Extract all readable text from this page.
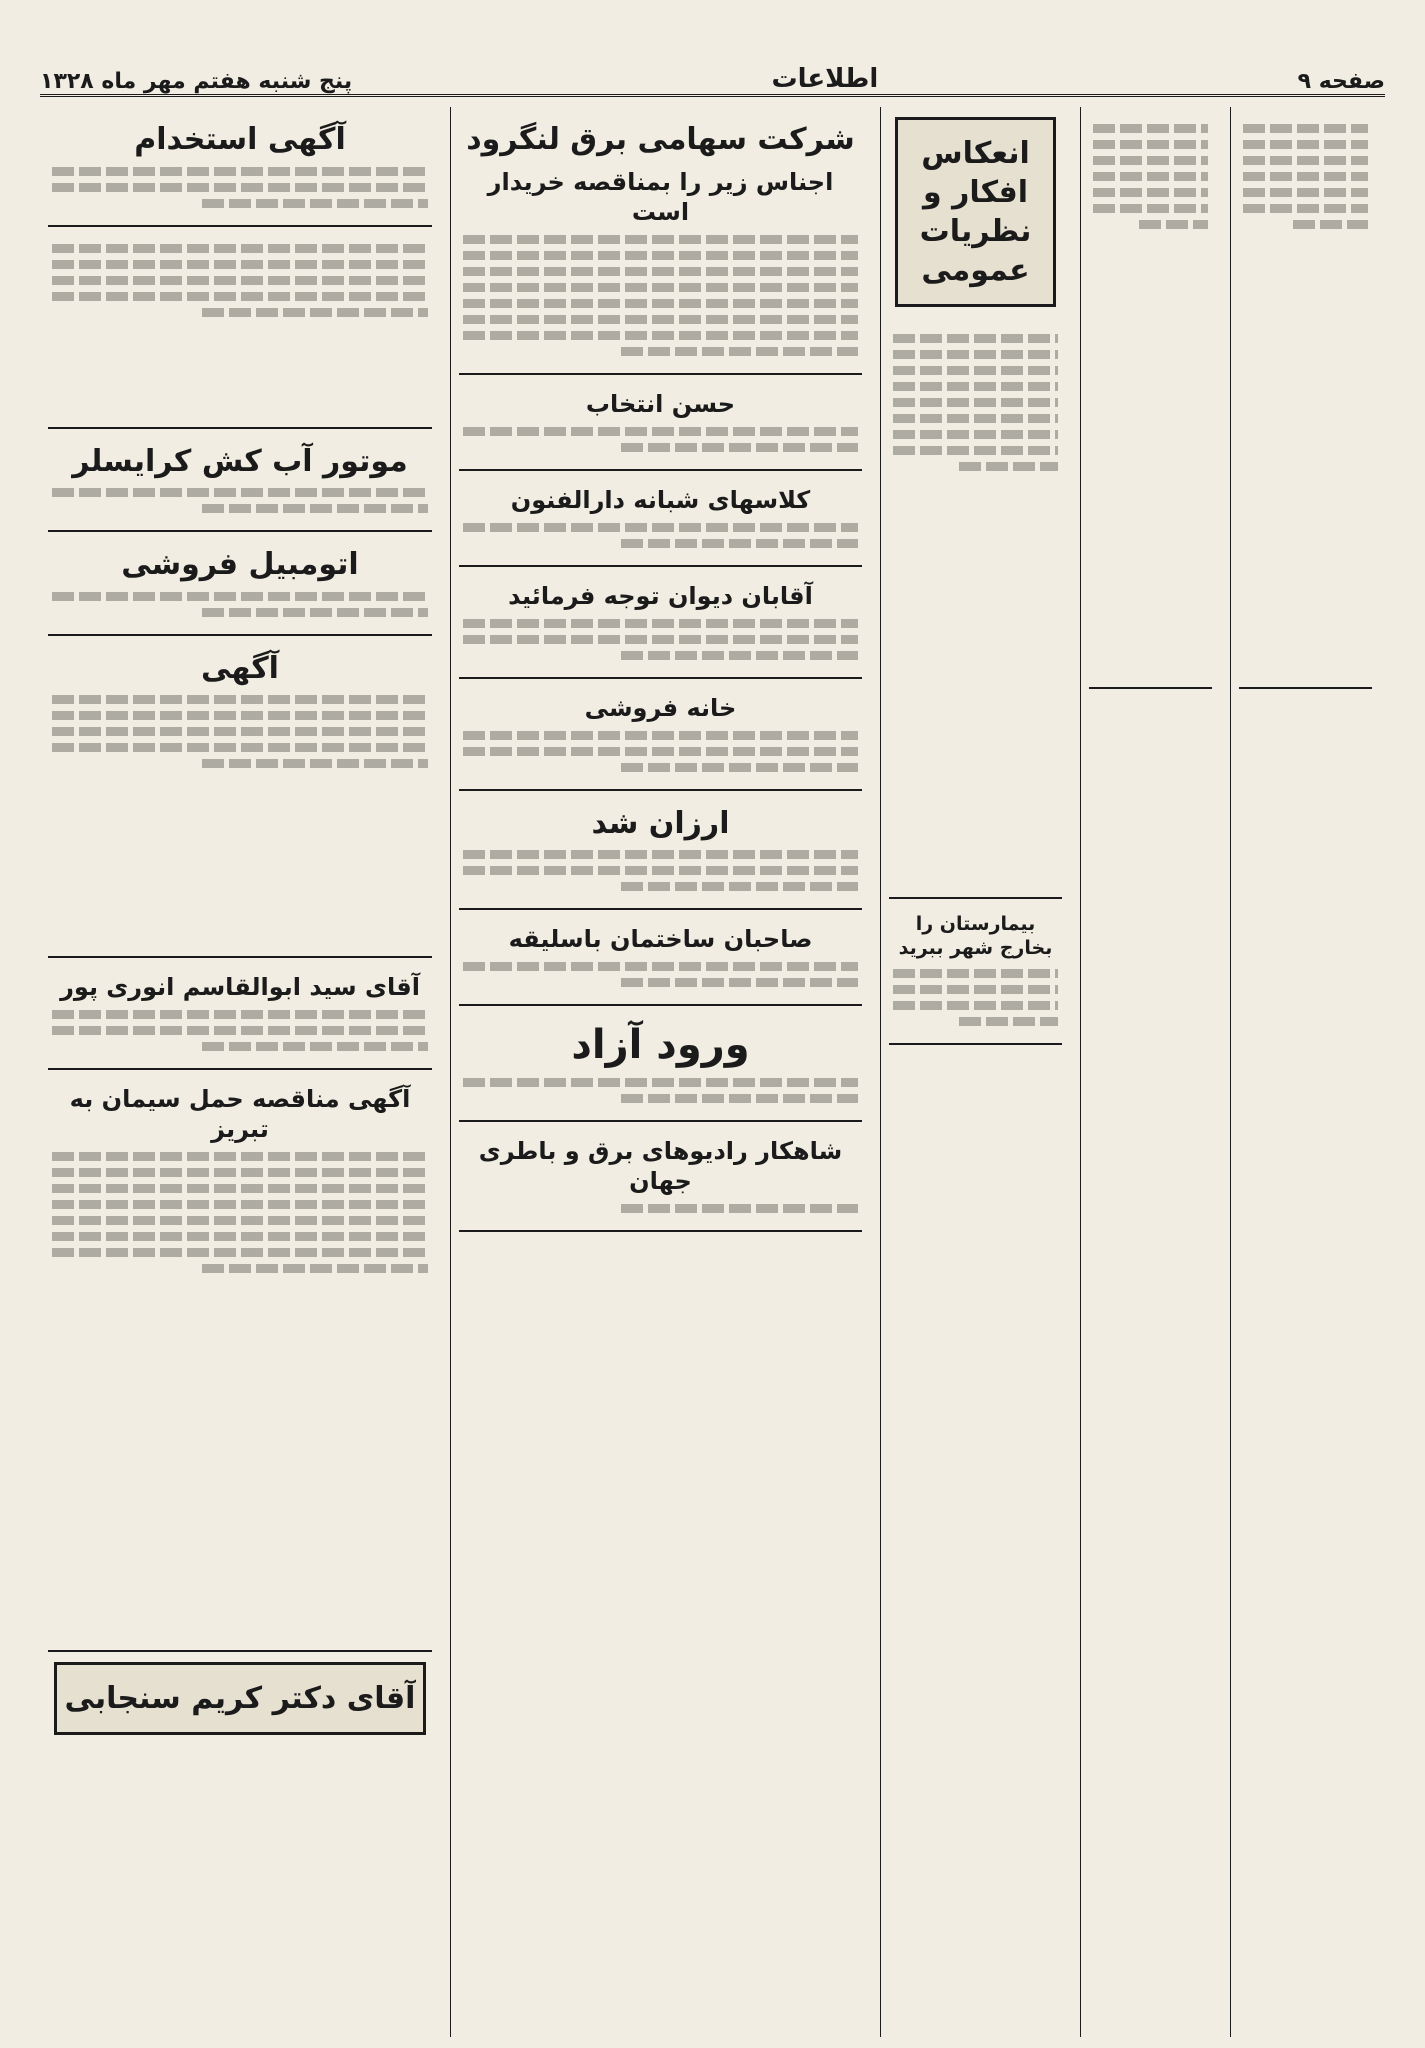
صفحه ۹
اطلاعات
پنج شنبه هفتم مهر ماه ۱۳۲۸
آگهی استخدام
موتور آب کش کرایسلر
اتومبیل فروشی
آگهی
آقای سید ابوالقاسم انوری پور
آگهی مناقصه حمل سیمان به تبریز
آقای دکتر کریم سنجابی
شرکت سهامی برق لنگرود
اجناس زیر را بمناقصه خریدار است
حسن انتخاب
کلاسهای شبانه دارالفنون
آقابان دیوان توجه فرمائید
خانه فروشی
ارزان شد
صاحبان ساختمان باسلیقه
ورود آزاد
شاهکار رادیوهای برق و باطری جهان
انعکاس افکار و نظریات عمومی
بیمارستان را بخارج شهر ببرید
